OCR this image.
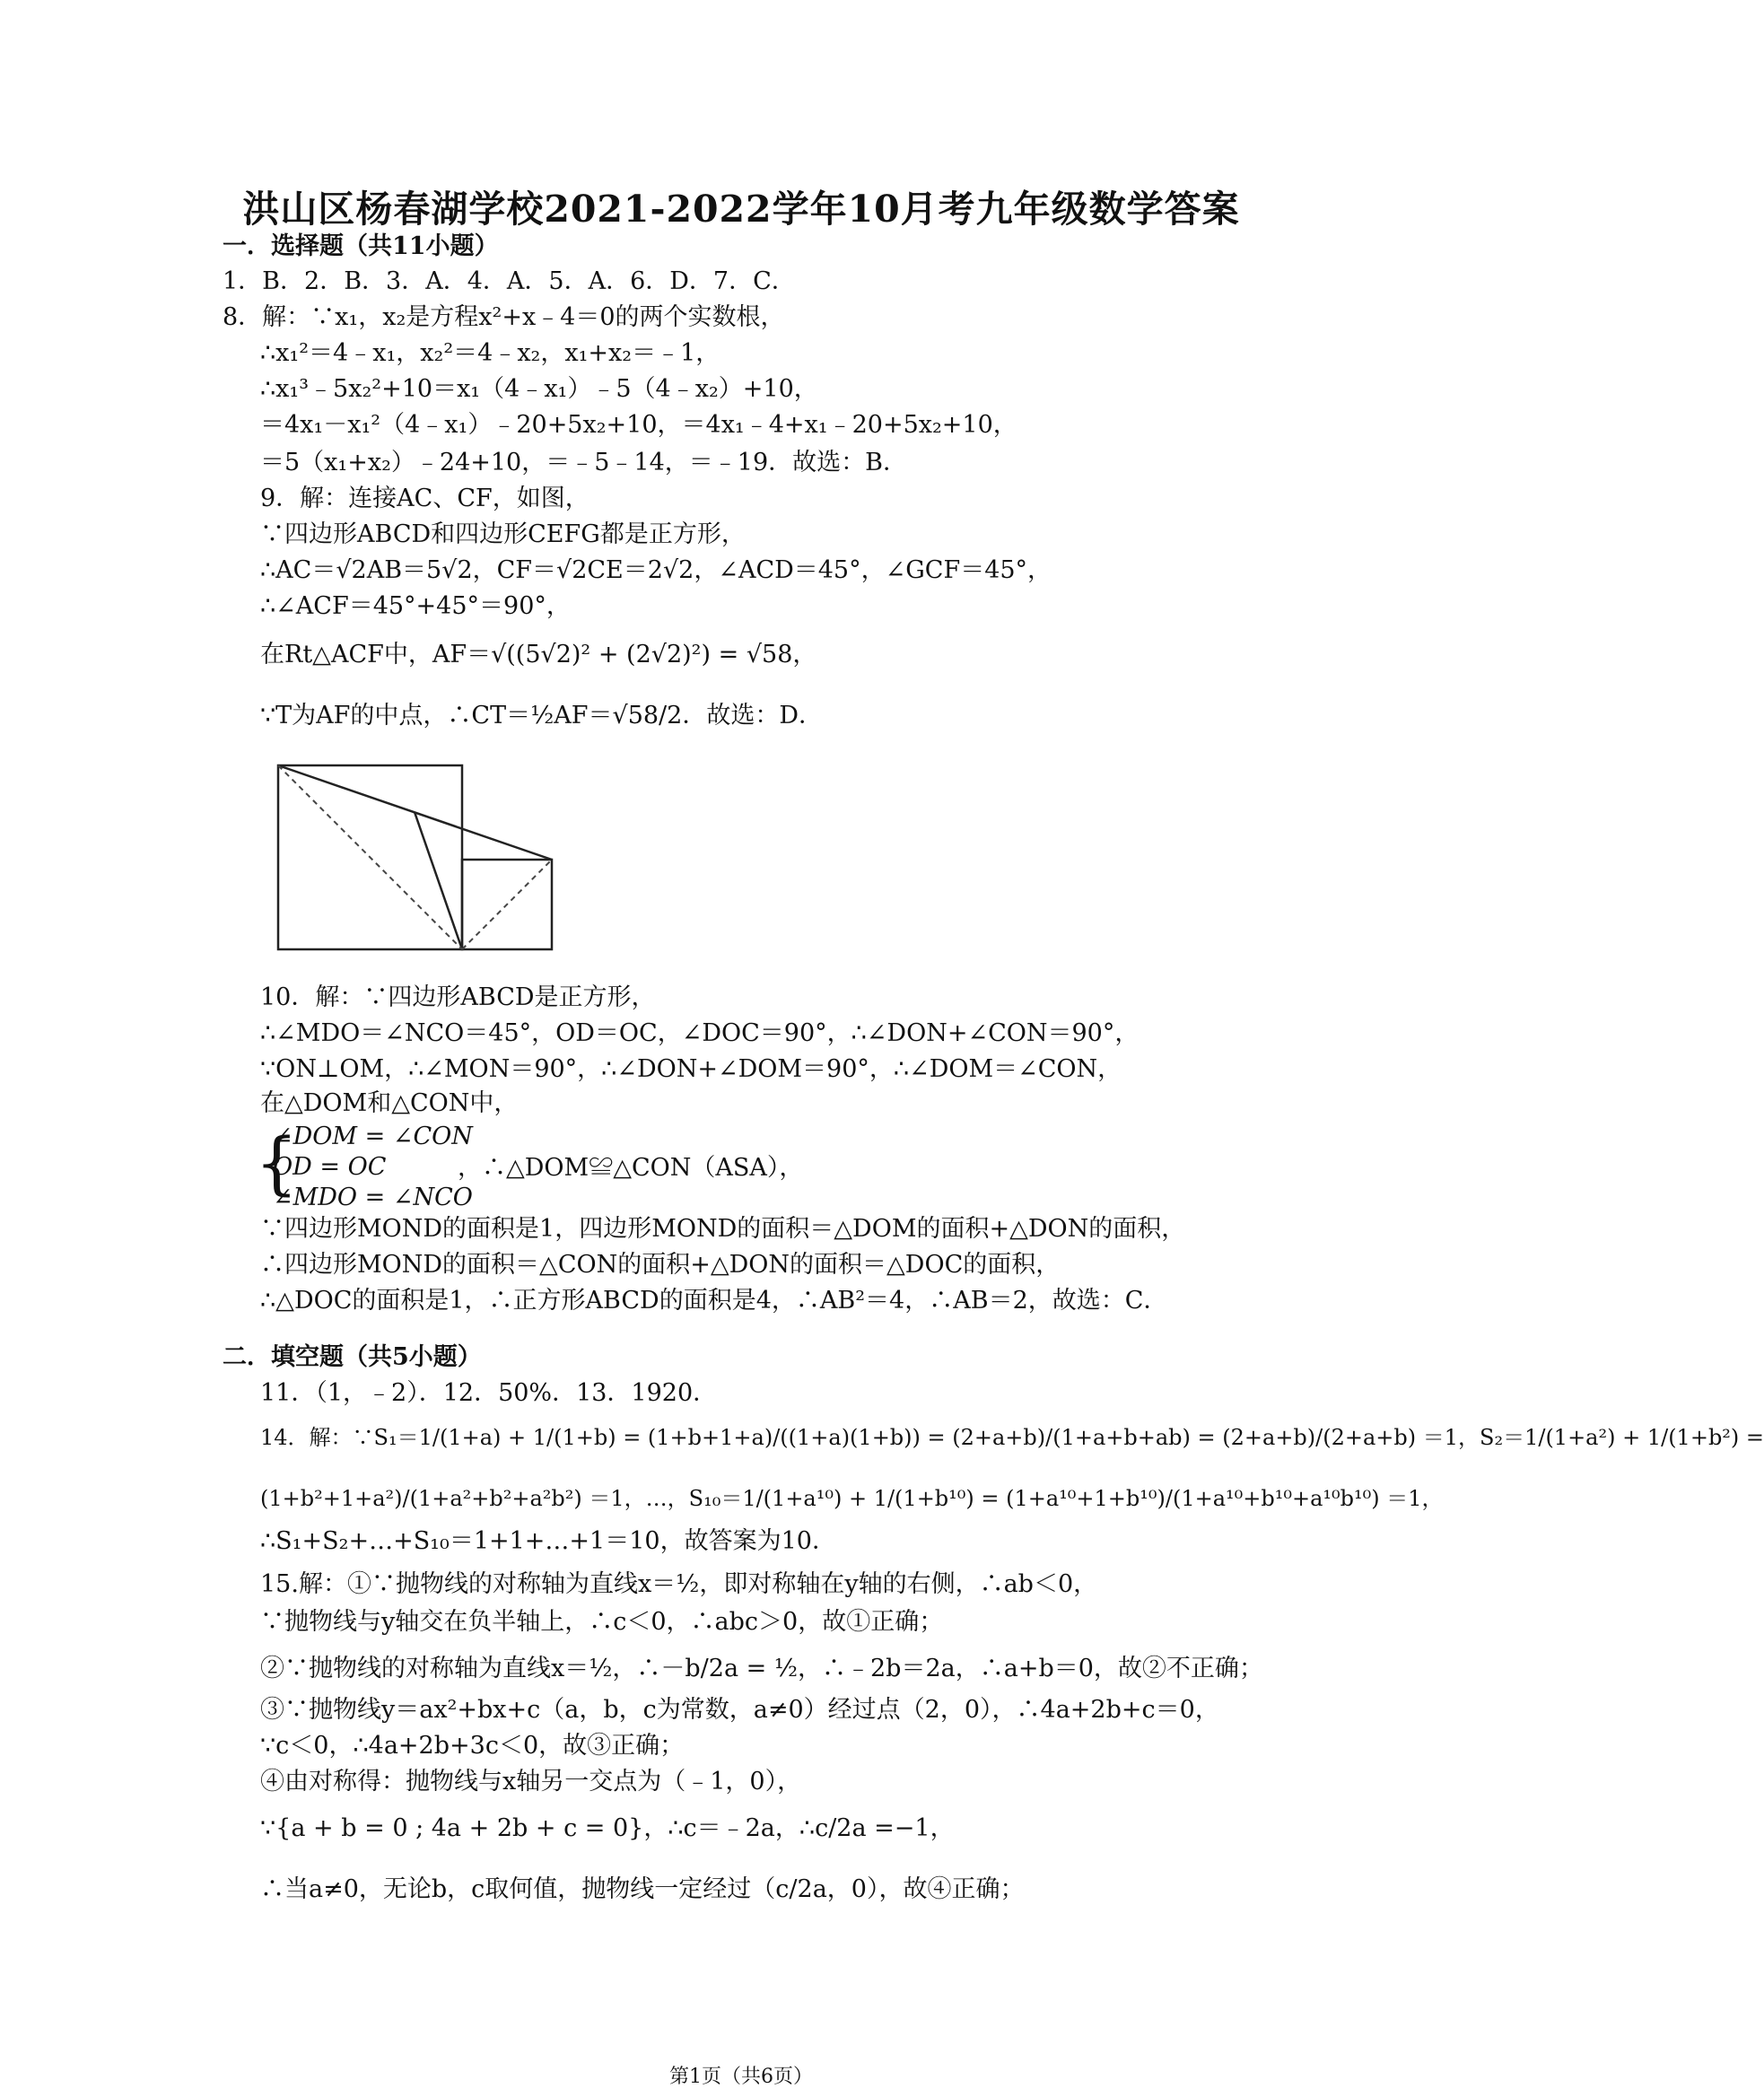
洪山区杨春湖学校2021-2022学年10月考九年级数学答案
一．选择题（共11小题）
1．B．2．B．3．A．4．A．5．A．6．D．7．C．
8．解：∵x₁，x₂是方程x²+x﹣4＝0的两个实数根，
∴x₁²＝4﹣x₁，x₂²＝4﹣x₂，x₁+x₂＝﹣1，
∴x₁³﹣5x₂²+10＝x₁（4﹣x₁）﹣5（4﹣x₂）+10，
＝4x₁－x₁²（4﹣x₁）﹣20+5x₂+10，＝4x₁﹣4+x₁﹣20+5x₂+10，
＝5（x₁+x₂）﹣24+10，＝﹣5﹣14，＝﹣19．故选：B．
9．解：连接AC、CF，如图，
∵四边形ABCD和四边形CEFG都是正方形，
∴AC＝√2AB＝5√2，CF＝√2CE＝2√2，∠ACD＝45°，∠GCF＝45°，
∴∠ACF＝45°+45°＝90°，
在Rt△ACF中，AF＝√((5√2)² + (2√2)²) = √58，
∵T为AF的中点，∴CT＝½AF＝√58/2．故选：D．
10．解：∵四边形ABCD是正方形，
∴∠MDO＝∠NCO＝45°，OD＝OC，∠DOC＝90°，∴∠DON+∠CON＝90°，
∵ON⊥OM，∴∠MON＝90°，∴∠DON+∠DOM＝90°，∴∠DOM＝∠CON，
在△DOM和△CON中，
{
∠DOM = ∠CON
OD = OC
∠MDO = ∠NCO
，∴△DOM≌△CON（ASA），
∵四边形MOND的面积是1，四边形MOND的面积＝△DOM的面积+△DON的面积，
∴四边形MOND的面积＝△CON的面积+△DON的面积＝△DOC的面积，
∴△DOC的面积是1，∴正方形ABCD的面积是4，∴AB²＝4，∴AB＝2，故选：C．
二．填空题（共5小题）
11．（1，﹣2）．12．50%．13．1920．
14．解：∵S₁＝1/(1+a) + 1/(1+b) = (1+b+1+a)/((1+a)(1+b)) = (2+a+b)/(1+a+b+ab) = (2+a+b)/(2+a+b) ＝1，S₂＝1/(1+a²) + 1/(1+b²) =
(1+b²+1+a²)/(1+a²+b²+a²b²) ＝1，…，S₁₀＝1/(1+a¹⁰) + 1/(1+b¹⁰) = (1+a¹⁰+1+b¹⁰)/(1+a¹⁰+b¹⁰+a¹⁰b¹⁰) ＝1，
∴S₁+S₂+…+S₁₀＝1+1+…+1＝10，故答案为10．
15.解：①∵抛物线的对称轴为直线x＝½，即对称轴在y轴的右侧，∴ab＜0，
∵抛物线与y轴交在负半轴上，∴c＜0，∴abc＞0，故①正确；
②∵抛物线的对称轴为直线x＝½，∴－b/2a = ½，∴﹣2b＝2a，∴a+b＝0，故②不正确；
③∵抛物线y＝ax²+bx+c（a，b，c为常数，a≠0）经过点（2，0），∴4a+2b+c＝0，
∵c＜0，∴4a+2b+3c＜0，故③正确；
④由对称得：抛物线与x轴另一交点为（﹣1，0），
∵{a + b = 0 ; 4a + 2b + c = 0}，∴c＝﹣2a，∴c/2a =−1，
∴当a≠0，无论b，c取何值，抛物线一定经过（c/2a，0），故④正确；
第1页（共6页）
